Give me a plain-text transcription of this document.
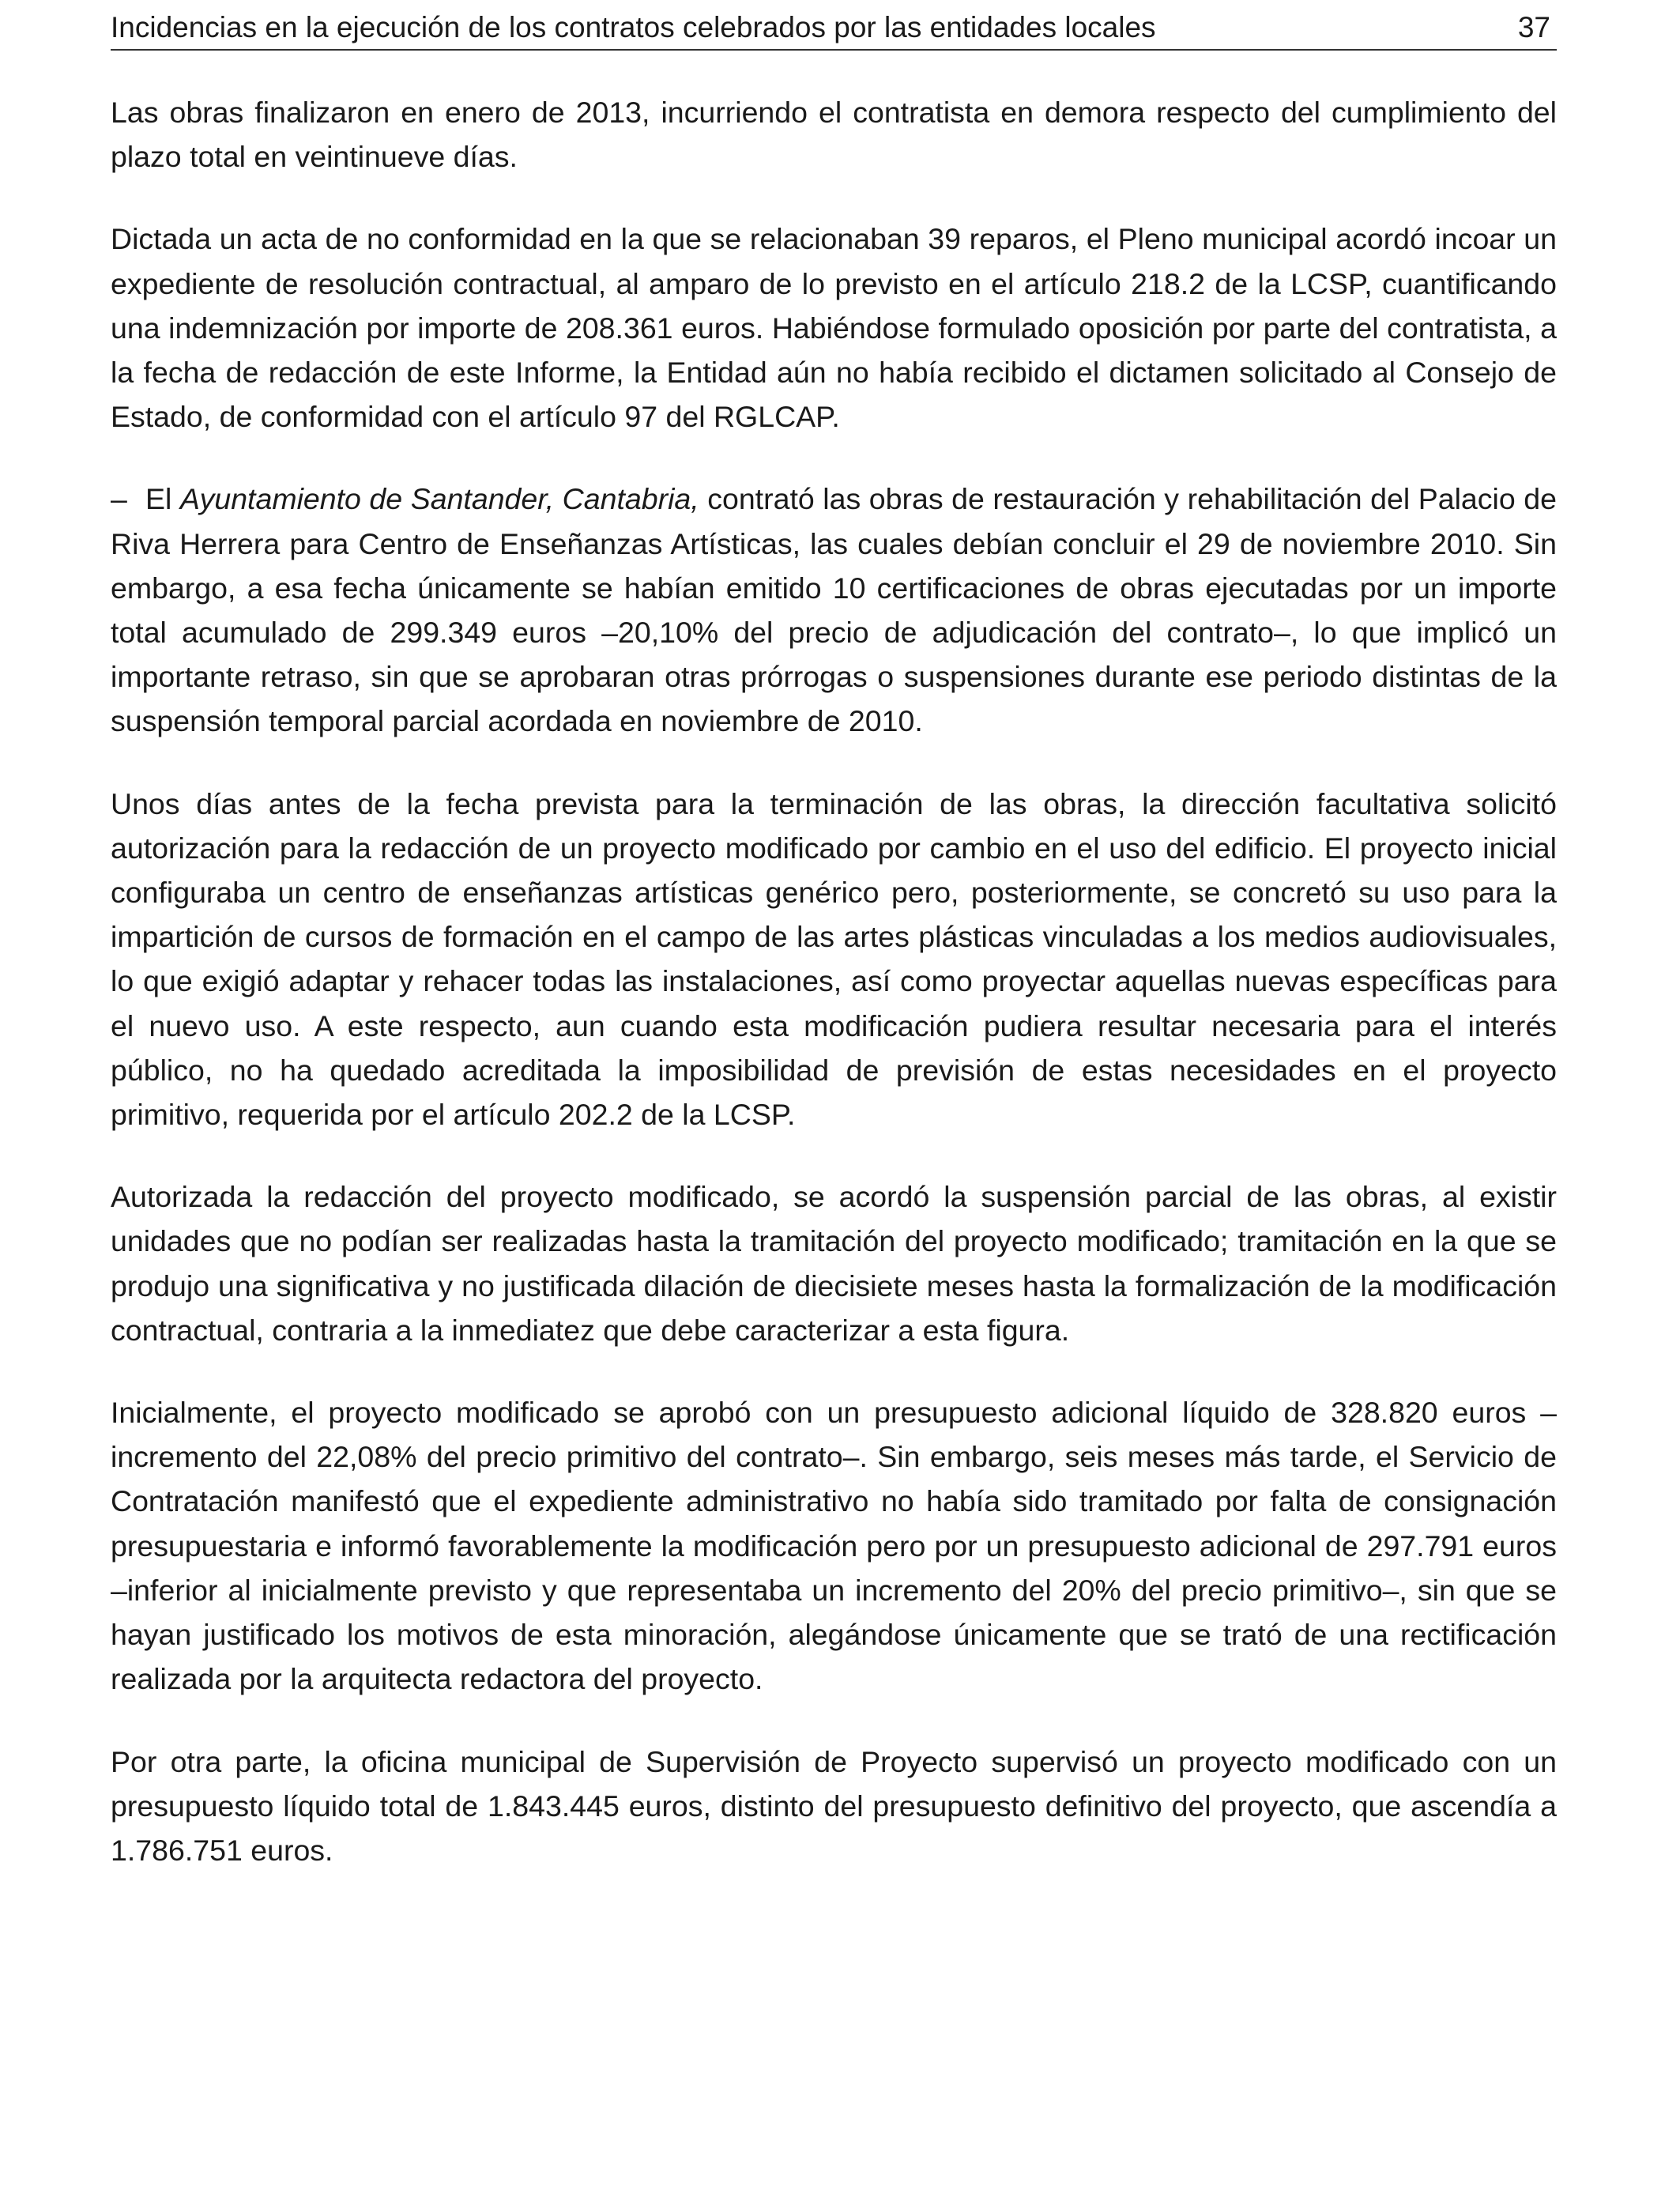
Incidencias en la ejecución de los contratos celebrados por las entidades locales	37

Las obras finalizaron en enero de 2013, incurriendo el contratista en demora respecto del cumplimiento del plazo total en veintinueve días.

Dictada un acta de no conformidad en la que se relacionaban 39 reparos, el Pleno municipal acordó incoar un expediente de resolución contractual, al amparo de lo previsto en el artículo 218.2 de la LCSP, cuantificando una indemnización por importe de 208.361 euros. Habiéndose formulado oposición por parte del contratista, a la fecha de redacción de este Informe, la Entidad aún no había recibido el dictamen solicitado al Consejo de Estado, de conformidad con el artículo 97 del RGLCAP.

– El Ayuntamiento de Santander, Cantabria, contrató las obras de restauración y rehabilitación del Palacio de Riva Herrera para Centro de Enseñanzas Artísticas, las cuales debían concluir el 29 de noviembre 2010. Sin embargo, a esa fecha únicamente se habían emitido 10 certificaciones de obras ejecutadas por un importe total acumulado de 299.349 euros –20,10% del precio de adjudicación del contrato–, lo que implicó un importante retraso, sin que se aprobaran otras prórrogas o suspensiones durante ese periodo distintas de la suspensión temporal parcial acordada en noviembre de 2010.

Unos días antes de la fecha prevista para la terminación de las obras, la dirección facultativa solicitó autorización para la redacción de un proyecto modificado por cambio en el uso del edificio. El proyecto inicial configuraba un centro de enseñanzas artísticas genérico pero, posteriormente, se concretó su uso para la impartición de cursos de formación en el campo de las artes plásticas vinculadas a los medios audiovisuales, lo que exigió adaptar y rehacer todas las instalaciones, así como proyectar aquellas nuevas específicas para el nuevo uso. A este respecto, aun cuando esta modificación pudiera resultar necesaria para el interés público, no ha quedado acreditada la imposibilidad de previsión de estas necesidades en el proyecto primitivo, requerida por el artículo 202.2 de la LCSP.

Autorizada la redacción del proyecto modificado, se acordó la suspensión parcial de las obras, al existir unidades que no podían ser realizadas hasta la tramitación del proyecto modificado; tramitación en la que se produjo una significativa y no justificada dilación de diecisiete meses hasta la formalización de la modificación contractual, contraria a la inmediatez que debe caracterizar a esta figura.

Inicialmente, el proyecto modificado se aprobó con un presupuesto adicional líquido de 328.820 euros –incremento del 22,08% del precio primitivo del contrato–. Sin embargo, seis meses más tarde, el Servicio de Contratación manifestó que el expediente administrativo no había sido tramitado por falta de consignación presupuestaria e informó favorablemente la modificación pero por un presupuesto adicional de 297.791 euros –inferior al inicialmente previsto y que representaba un incremento del 20% del precio primitivo–, sin que se hayan justificado los motivos de esta minoración, alegándose únicamente que se trató de una rectificación realizada por la arquitecta redactora del proyecto.

Por otra parte, la oficina municipal de Supervisión de Proyecto supervisó un proyecto modificado con un presupuesto líquido total de 1.843.445 euros, distinto del presupuesto definitivo del proyecto, que ascendía a 1.786.751 euros.
